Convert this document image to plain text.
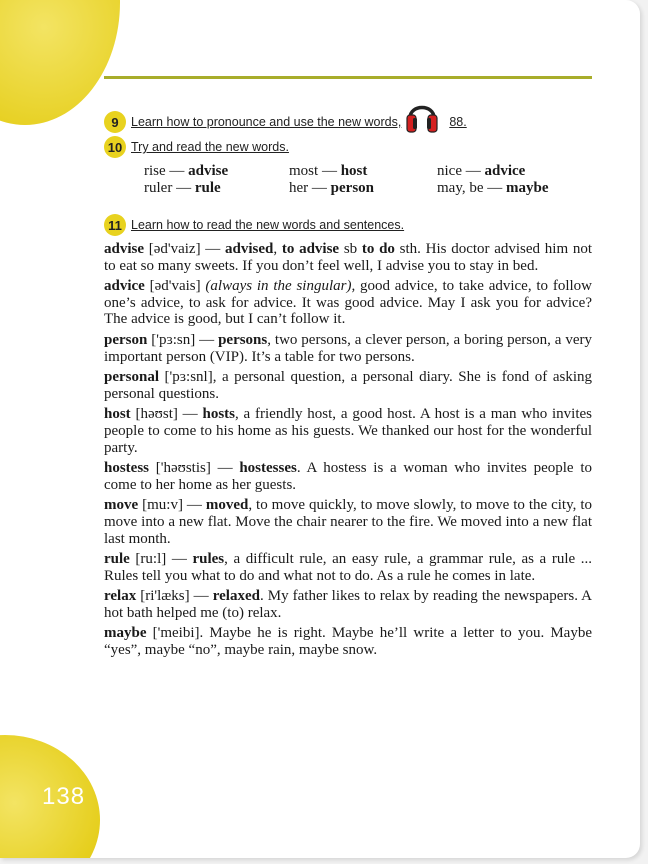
138
9 Learn how to pronounce and use the new words,	88.
10 Try and read the new words.
rise — advise	most — host	nice — advice
ruler — rule	her — person	may, be — maybe
11 Learn how to read the new words and sentences.
advise [əd'vaiz] — advised, to advise sb to do sth. His doctor advised him not to eat so many sweets. If you don’t feel well, I advise you to stay in bed.
advice [əd'vais] (always in the singular), good advice, to take advice, to follow one’s advice, to ask for advice. It was good advice. May I ask you for advice? The advice is good, but I can’t follow it.
person ['pɜ:sn] — persons, two persons, a clever person, a boring person, a very important person (VIP). It’s a table for two persons.
personal ['pɜ:snl], a personal question, a personal diary. She is fond of asking personal questions.
host [həʊst] — hosts, a friendly host, a good host. A host is a man who invites people to come to his home as his guests. We thanked our host for the wonderful party.
hostess ['həʊstis] — hostesses. A hostess is a woman who invites people to come to her home as her guests.
move [mu:v] — moved, to move quickly, to move slowly, to move to the city, to move into a new flat. Move the chair nearer to the fire. We moved into a new flat last month.
rule [ru:l] — rules, a difficult rule, an easy rule, a grammar rule, as a rule ... Rules tell you what to do and what not to do. As a rule he comes in late.
relax [ri'læks] — relaxed. My father likes to relax by reading the newspapers. A hot bath helped me (to) relax.
maybe ['meibi]. Maybe he is right. Maybe he’ll write a letter to you. Maybe “yes”, maybe “no”, maybe rain, maybe snow.
